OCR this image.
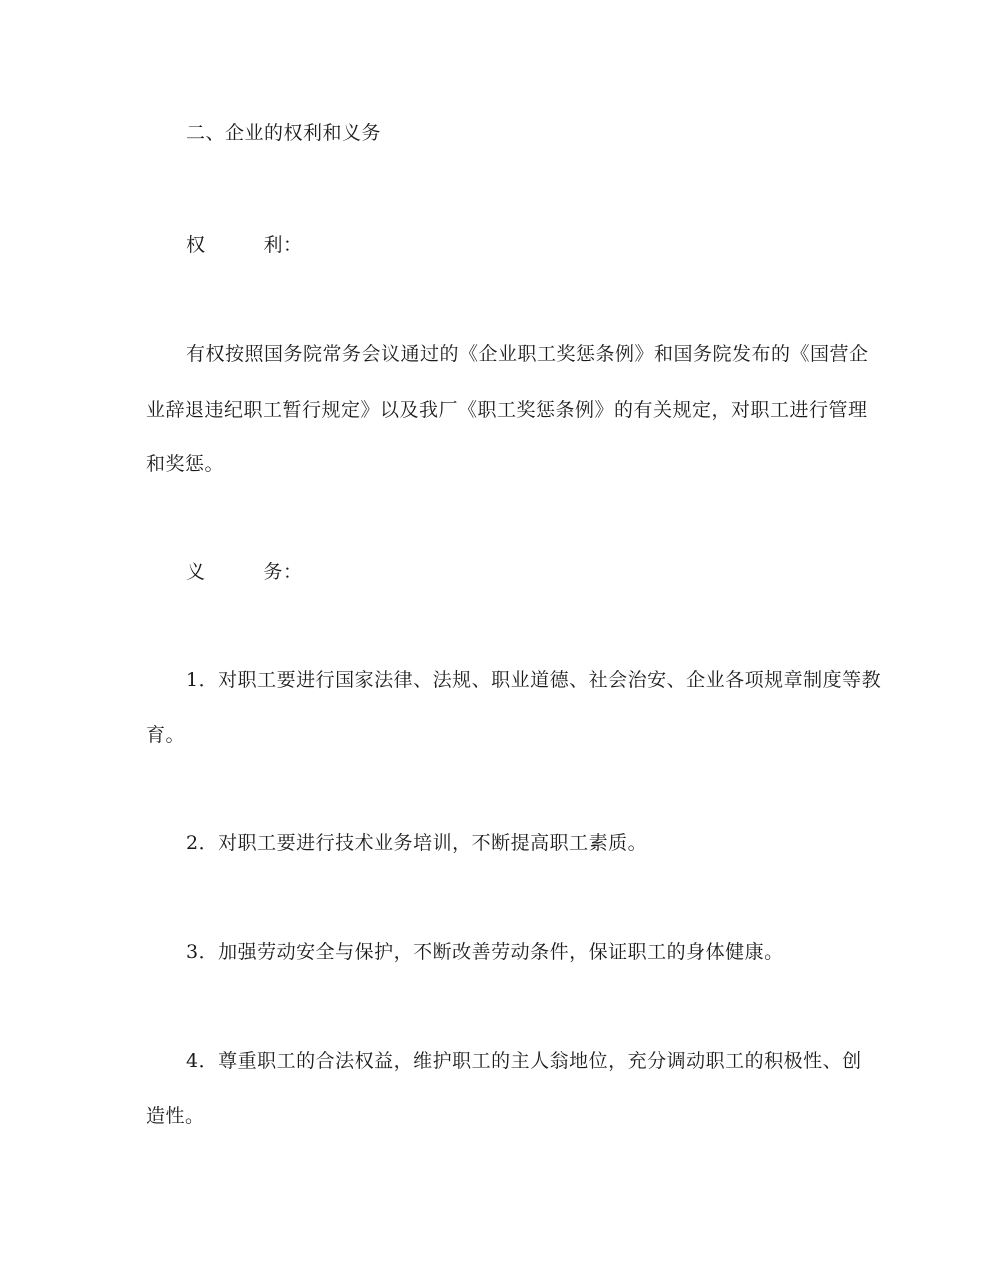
二、企业的权利和义务
权	利：
有权按照国务院常务会议通过的《企业职工奖惩条例》和国务院发布的《国营企
业辞退违纪职工暂行规定》以及我厂《职工奖惩条例》的有关规定，对职工进行管理
和奖惩。
义	务：
1．对职工要进行国家法律、法规、职业道德、社会治安、企业各项规章制度等教
育。
2．对职工要进行技术业务培训，不断提高职工素质。
3．加强劳动安全与保护，不断改善劳动条件，保证职工的身体健康。
4．尊重职工的合法权益，维护职工的主人翁地位，充分调动职工的积极性、创
造性。
